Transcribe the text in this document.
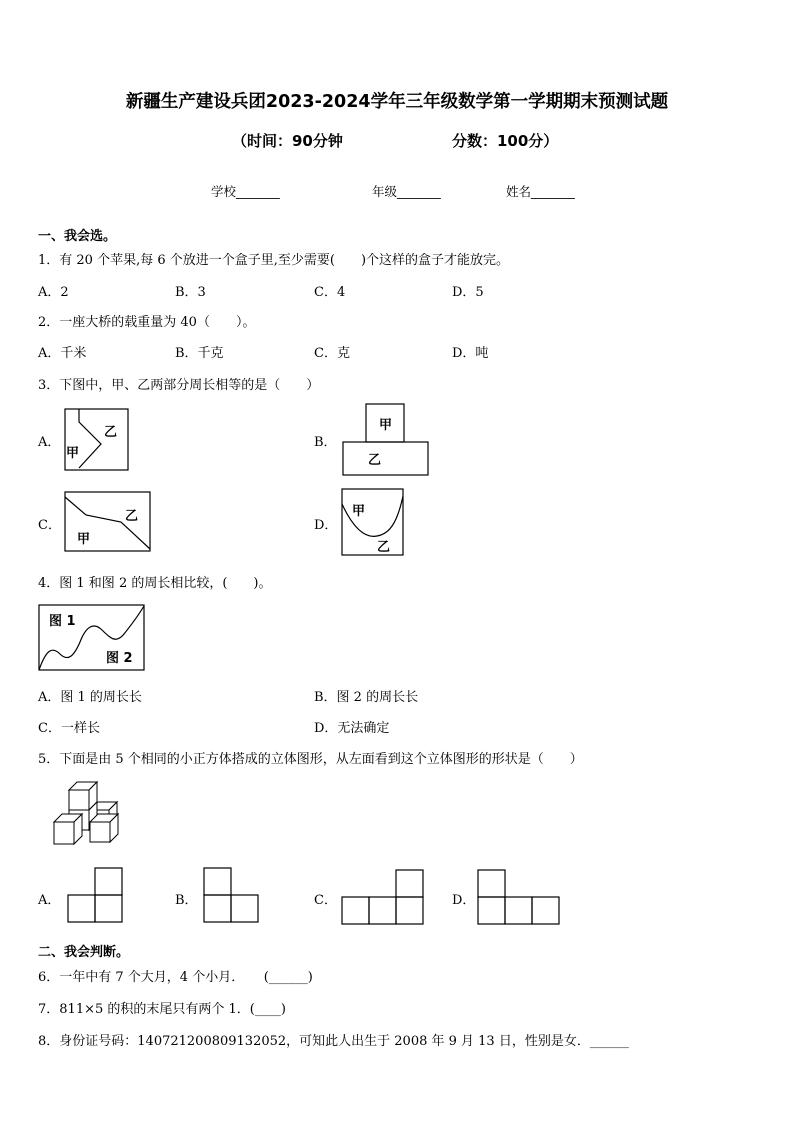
新疆生产建设兵团2023-2024学年三年级数学第一学期期末预测试题
（时间：90分钟	分数：100分）
学校_______	年级_______	姓名_______
一、我会选。
1．有 20 个苹果,每 6 个放进一个盒子里,至少需要(　　)个这样的盒子才能放完。
A．2	B．3	C．4	D．5
2．一座大桥的载重量为 40（　　）。
A．千米	B．千克	C．克	D．吨
3．下图中，甲、乙两部分周长相等的是（　　）
A．
乙
甲
B．
甲
乙
C．
乙
甲
D．
甲
乙
4．图 1 和图 2 的周长相比较，(　　)。
图 1
图 2
A．图 1 的周长长	B．图 2 的周长长
C．一样长	D．无法确定
5．下面是由 5 个相同的小正方体搭成的立体图形，从左面看到这个立体图形的形状是（　　）
A．	B．	C．	D．
二、我会判断。
6．一年中有 7 个大月，4 个小月．　　(______)
7．811×5 的积的末尾只有两个 1．(____)
8．身份证号码：140721200809132052，可知此人出生于 2008 年 9 月 13 日，性别是女．______
